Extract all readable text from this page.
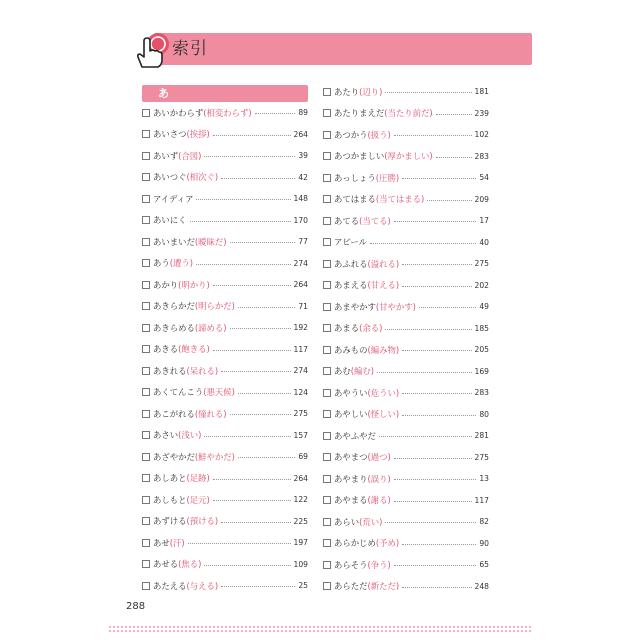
索引
あ
あいかわらず (相変わらず)	89
あいさつ (挨拶)	264
あいず (合図)	39
あいつぐ (相次ぐ)	42
アイディア	148
あいにく	170
あいまいだ (曖昧だ)	77
あう (遭う)	274
あかり (明かり)	264
あきらかだ (明らかだ)	71
あきらめる (諦める)	192
あきる (飽きる)	117
あきれる (呆れる)	274
あくてんこう (悪天候)	124
あこがれる (憧れる)	275
あさい (浅い)	157
あざやかだ (鮮やかだ)	69
あしあと (足跡)	264
あしもと (足元)	122
あずける (預ける)	225
あせ (汗)	197
あせる (焦る)	109
あたえる (与える)	25
あたり (辺り)	181
あたりまえだ (当たり前だ)	239
あつかう (扱う)	102
あつかましい (厚かましい)	283
あっしょう (圧勝)	54
あてはまる (当てはまる)	209
あてる (当てる)	17
アピール	40
あふれる (溢れる)	275
あまえる (甘える)	202
あまやかす (甘やかす)	49
あまる (余る)	185
あみもの (編み物)	205
あむ (編む)	169
あやうい (危うい)	283
あやしい (怪しい)	80
あやふやだ	281
あやまつ (過つ)	275
あやまり (誤り)	13
あやまる (謝る)	117
あらい (荒い)	82
あらかじめ (予め)	90
あらそう (争う)	65
あらただ (新ただ)	248
288
